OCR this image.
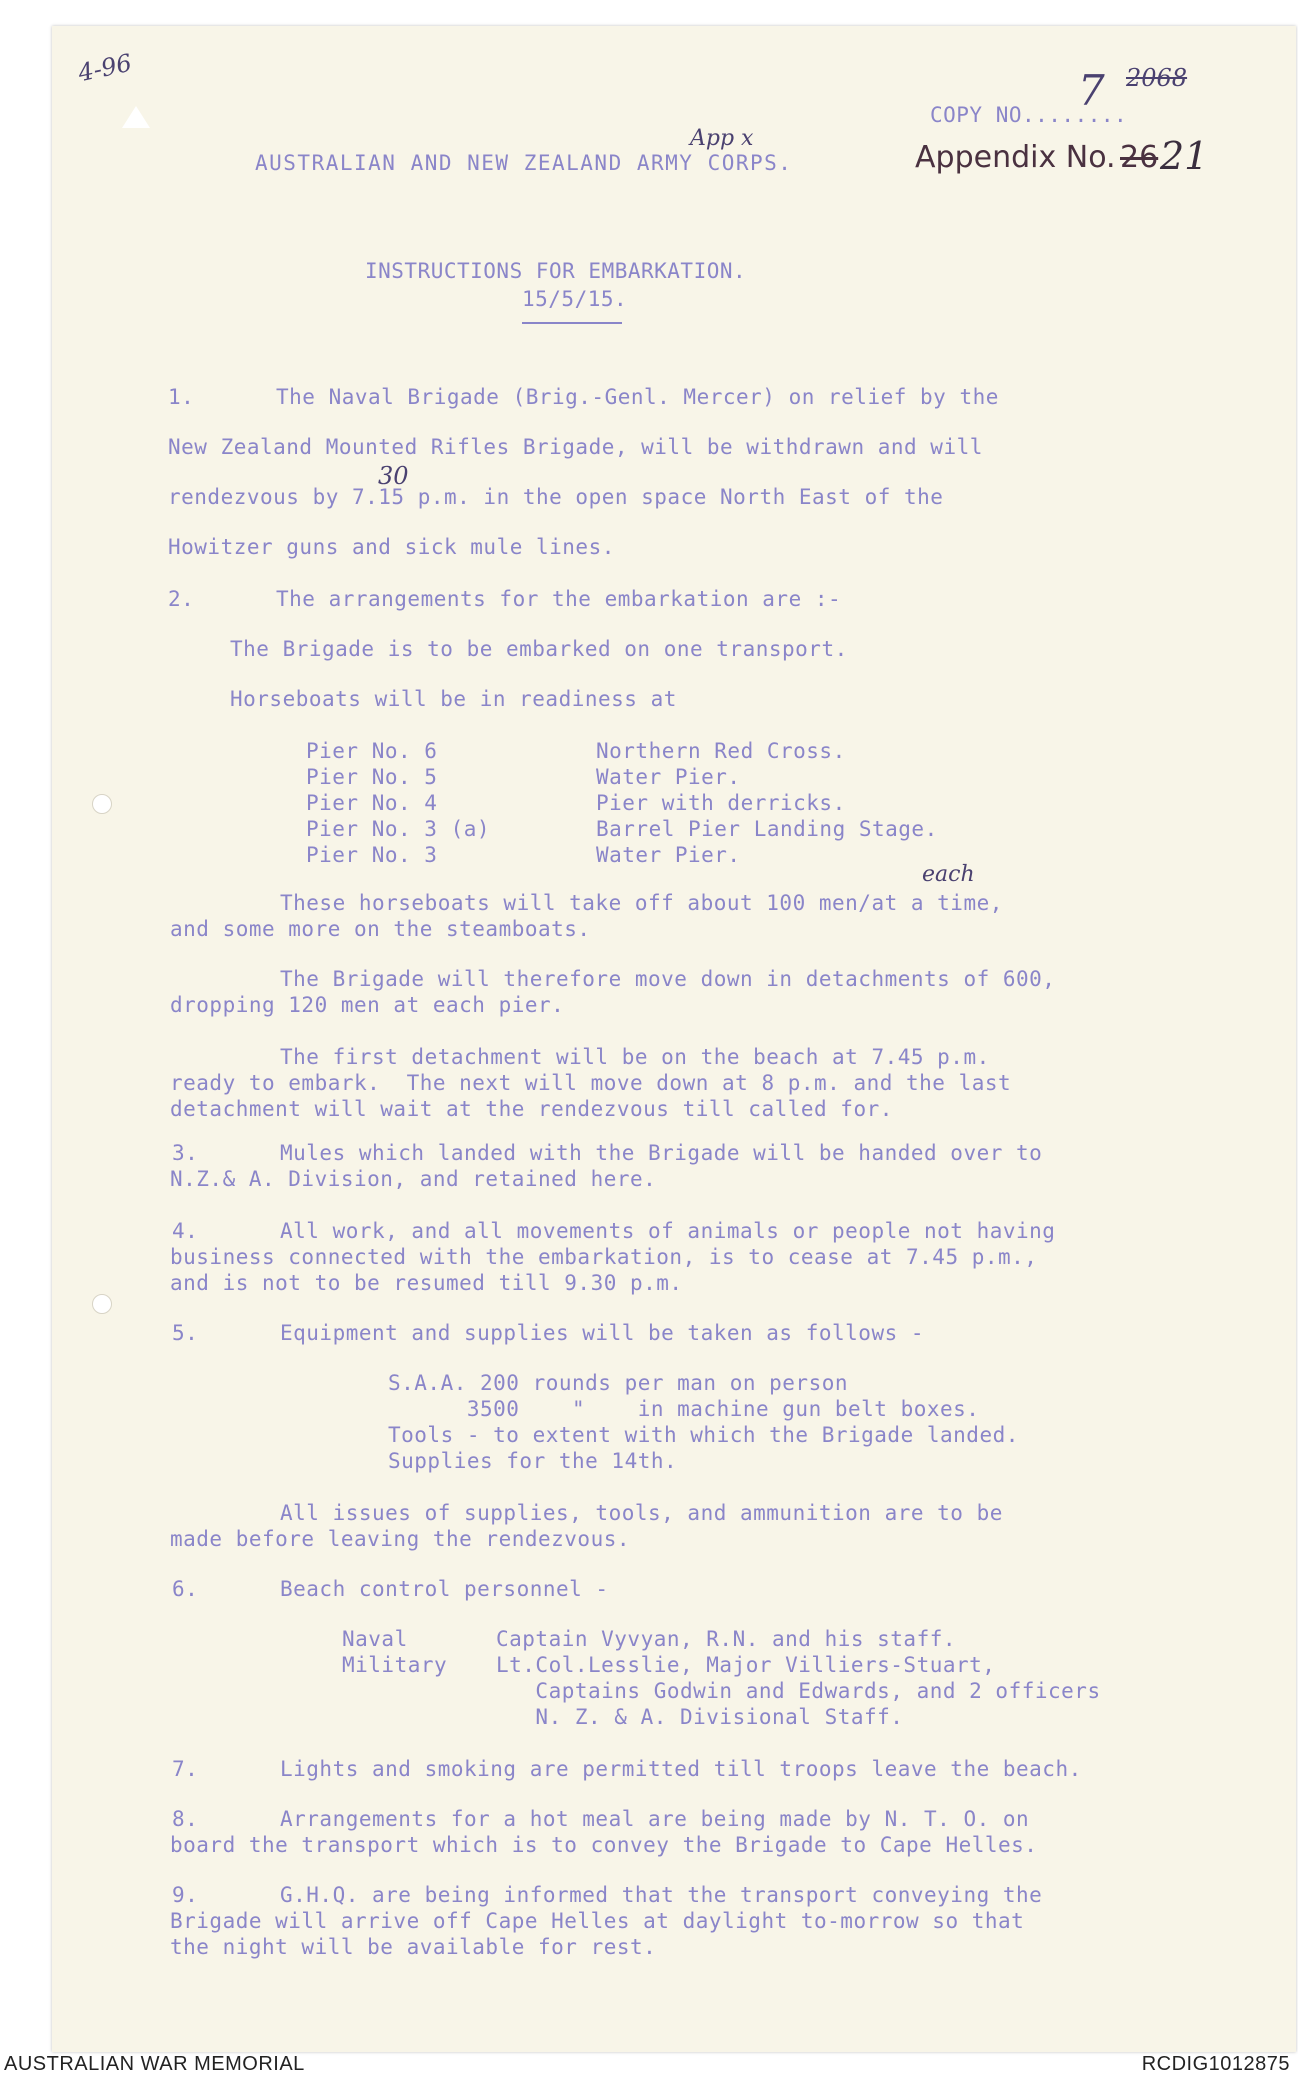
4-96
COPY NO........
7 2068
AUSTRALIAN AND NEW ZEALAND ARMY CORPS.
App x
Appendix No. 26 21
INSTRUCTIONS FOR EMBARKATION.
15/5/15.
1.	The Naval Brigade (Brig.-Genl. Mercer) on relief by the
New Zealand Mounted Rifles Brigade, will be withdrawn and will
rendezvous by 7.15 p.m. in the open space North East of the
30
Howitzer guns and sick mule lines.
2.	The arrangements for the embarkation are :-
The Brigade is to be embarked on one transport.
Horseboats will be in readiness at
Pier No. 6	Northern Red Cross.
Pier No. 5	Water Pier.
Pier No. 4	Pier with derricks.
Pier No. 3 (a)	Barrel Pier Landing Stage.
Pier No. 3	Water Pier.
each
These horseboats will take off about 100 men/at a time,
and some more on the steamboats.
The Brigade will therefore move down in detachments of 600,
dropping 120 men at each pier.
The first detachment will be on the beach at 7.45 p.m.
ready to embark.  The next will move down at 8 p.m. and the last
detachment will wait at the rendezvous till called for.
3.	Mules which landed with the Brigade will be handed over to
N.Z.& A. Division, and retained here.
4.	All work, and all movements of animals or people not having
business connected with the embarkation, is to cease at 7.45 p.m.,
and is not to be resumed till 9.30 p.m.
5.	Equipment and supplies will be taken as follows -
S.A.A. 200 rounds per man on person
3500    "    in machine gun belt boxes.
Tools - to extent with which the Brigade landed.
Supplies for the 14th.
All issues of supplies, tools, and ammunition are to be
made before leaving the rendezvous.
6.	Beach control personnel -
Naval	Captain Vyvyan, R.N. and his staff.
Military Lt.Col.Lesslie, Major Villiers-Stuart,
Captains Godwin and Edwards, and 2 officers
N. Z. & A. Divisional Staff.
7.	Lights and smoking are permitted till troops leave the beach.
8.	Arrangements for a hot meal are being made by N. T. O. on
board the transport which is to convey the Brigade to Cape Helles.
9.	G.H.Q. are being informed that the transport conveying the
Brigade will arrive off Cape Helles at daylight to-morrow so that
the night will be available for rest.
AUSTRALIAN WAR MEMORIAL	RCDIG1012875
